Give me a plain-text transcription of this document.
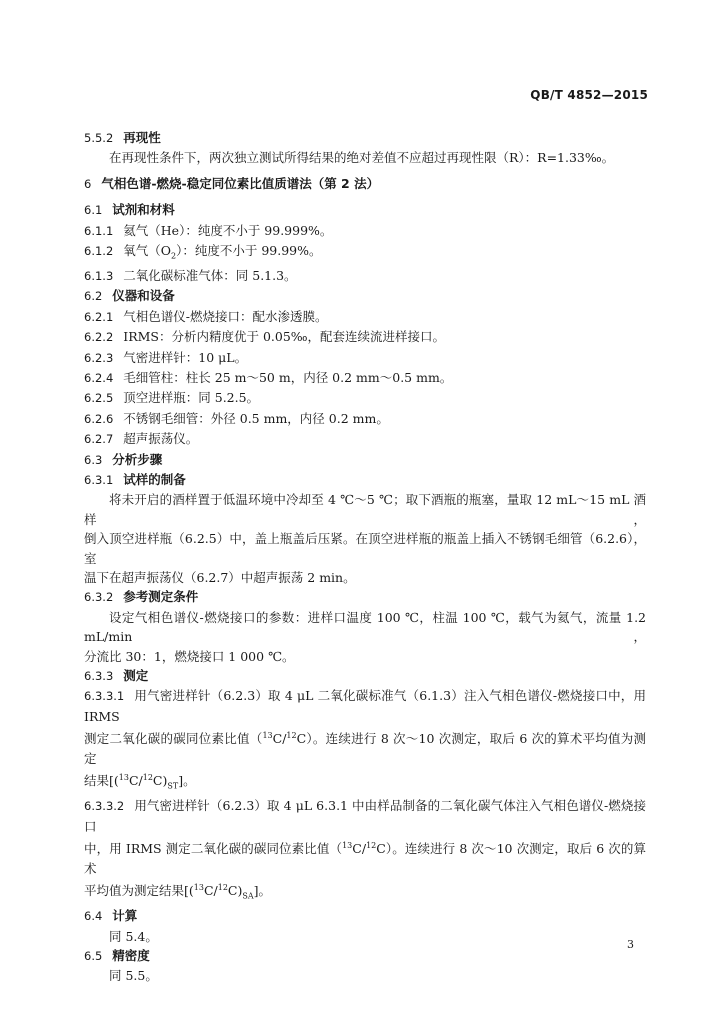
QB/T 4852—2015
5.5.2 再现性
在再现性条件下，两次独立测试所得结果的绝对差值不应超过再现性限（R）：R=1.33‰。
6 气相色谱-燃烧-稳定同位素比值质谱法（第 2 法）
6.1 试剂和材料
6.1.1 氦气（He）：纯度不小于 99.999%。
6.1.2 氧气$(O_2)$：纯度不小于 99.99%。
6.1.3 二氧化碳标准气体：同 5.1.3。
6.2 仪器和设备
6.2.1 气相色谱仪-燃烧接口：配水渗透膜。
6.2.2 IRMS：分析内精度优于 0.05‰，配套连续流进样接口。
6.2.3 气密进样针：10 μL。
6.2.4 毛细管柱：柱长 25 m～50 m，内径 0.2 mm～0.5 mm。
6.2.5 顶空进样瓶：同 5.2.5。
6.2.6 不锈钢毛细管：外径 0.5 mm，内径 0.2 mm。
6.2.7 超声振荡仪。
6.3 分析步骤
6.3.1 试样的制备
将未开启的酒样置于低温环境中冷却至 4 ℃～5 ℃；取下酒瓶的瓶塞，量取 12 mL～15 mL 酒样，
倒入顶空进样瓶（6.2.5）中，盖上瓶盖后压紧。在顶空进样瓶的瓶盖上插入不锈钢毛细管（6.2.6），室
温下在超声振荡仪（6.2.7）中超声振荡 2 min。
6.3.2 参考测定条件
设定气相色谱仪-燃烧接口的参数：进样口温度 100 ℃，柱温 100 ℃，载气为氦气，流量 1.2 mL/min，
分流比 30：1，燃烧接口 1 000 ℃。
6.3.3 测定
6.3.3.1 用气密进样针（6.2.3）取 4 μL 二氧化碳标准气（6.1.3）注入气相色谱仪-燃烧接口中，用 IRMS
测定二氧化碳的碳同位素比值（$^{13}$C/$^{12}$C）。连续进行 8 次～10 次测定，取后 6 次的算术平均值为测定
结果$[(^{13}C/^{12}C)_{ST}]$。
6.3.3.2 用气密进样针（6.2.3）取 4 μL 6.3.1 中由样品制备的二氧化碳气体注入气相色谱仪-燃烧接口
中，用 IRMS 测定二氧化碳的碳同位素比值（$^{13}$C/$^{12}$C）。连续进行 8 次～10 次测定，取后 6 次的算术
平均值为测定结果$[(^{13}C/^{12}C)_{SA}]$。
6.4 计算
同 5.4。
6.5 精密度
同 5.5。
3
